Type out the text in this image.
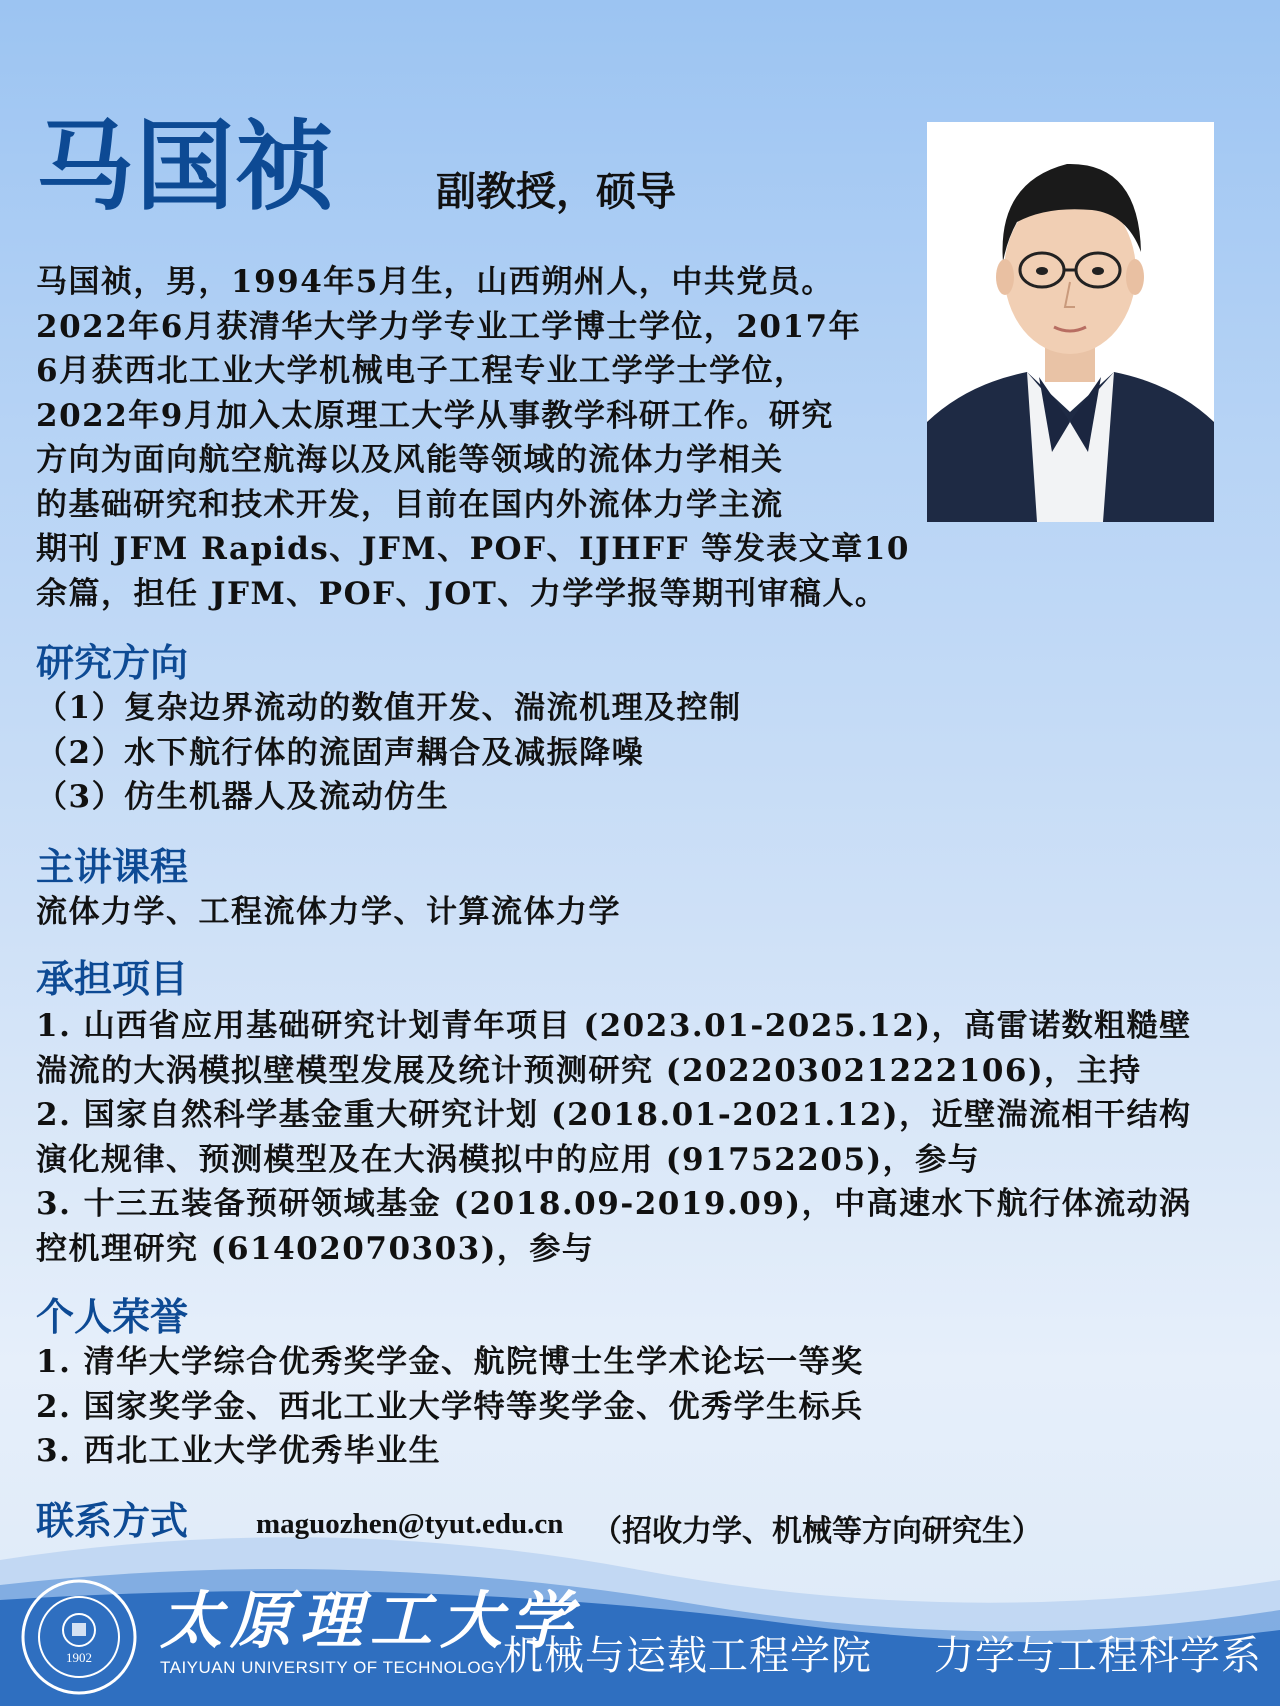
马国祯 副教授，硕导
马国祯，男，1994年5月生，山西朔州人，中共党员。
2022年6月获清华大学力学专业工学博士学位，2017年
6月获西北工业大学机械电子工程专业工学学士学位，
2022年9月加入太原理工大学从事教学科研工作。研究
方向为面向航空航海以及风能等领域的流体力学相关
的基础研究和技术开发，目前在国内外流体力学主流
期刊 JFM Rapids、JFM、POF、IJHFF 等发表文章10
余篇，担任 JFM、POF、JOT、力学学报等期刊审稿人。
研究方向
（1）复杂边界流动的数值开发、湍流机理及控制
（2）水下航行体的流固声耦合及减振降噪
（3）仿生机器人及流动仿生
主讲课程
流体力学、工程流体力学、计算流体力学
承担项目
1. 山西省应用基础研究计划青年项目 (2023.01-2025.12)，高雷诺数粗糙壁
湍流的大涡模拟壁模型发展及统计预测研究 (202203021222106)，主持
2. 国家自然科学基金重大研究计划 (2018.01-2021.12)，近壁湍流相干结构
演化规律、预测模型及在大涡模拟中的应用 (91752205)，参与
3. 十三五装备预研领域基金 (2018.09-2019.09)，中高速水下航行体流动涡
控机理研究 (61402070303)，参与
个人荣誉
1. 清华大学综合优秀奖学金、航院博士生学术论坛一等奖
2. 国家奖学金、西北工业大学特等奖学金、优秀学生标兵
3. 西北工业大学优秀毕业生
联系方式 maguozhen@tyut.edu.cn （招收力学、机械等方向研究生）
1902
太原理工大学
TAIYUAN UNIVERSITY OF TECHNOLOGY
机械与运载工程学院 力学与工程科学系
